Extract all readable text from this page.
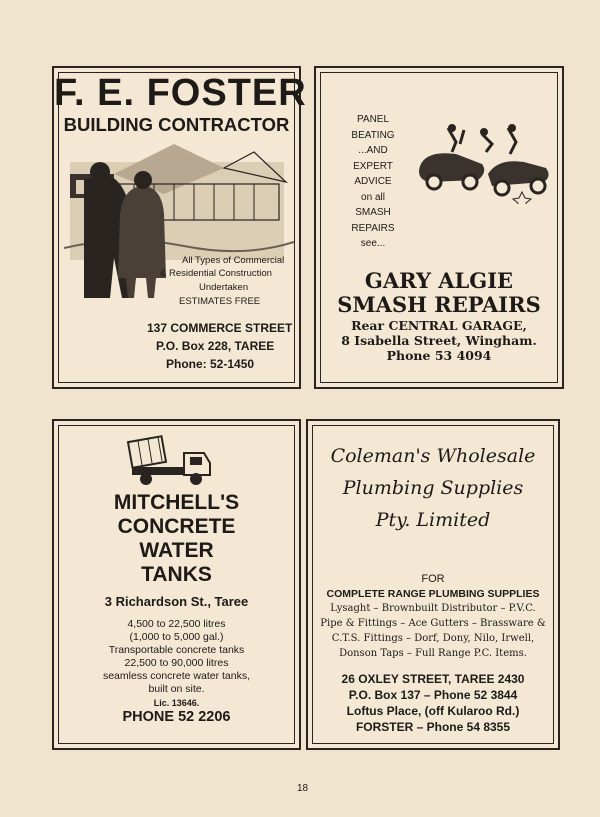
F. E. FOSTER
BUILDING CONTRACTOR
All Types of Commercial
& Residential Construction
Undertaken
ESTIMATES FREE
137 COMMERCE STREET
P.O. Box 228, TAREE
Phone: 52-1450
PANEL
BEATING
...AND
EXPERT
ADVICE
on all
SMASH
REPAIRS
see...
GARY ALGIE
SMASH REPAIRS
Rear CENTRAL GARAGE,
8 Isabella Street, Wingham.
Phone 53 4094
MITCHELL'S
CONCRETE
WATER
TANKS
3 Richardson St., Taree
4,500 to 22,500 litres
(1,000 to 5,000 gal.)
Transportable concrete tanks
22,500 to 90,000 litres
seamless concrete water tanks,
built on site.
Lic. 13646.
PHONE 52 2206
Coleman's Wholesale
Plumbing Supplies
Pty. Limited
FOR
COMPLETE RANGE PLUMBING SUPPLIES
Lysaght – Brownbuilt Distributor – P.V.C.
Pipe & Fittings – Ace Gutters – Brassware &
C.T.S. Fittings – Dorf, Dony, Nilo, Irwell,
Donson Taps – Full Range P.C. Items.
26 OXLEY STREET, TAREE 2430
P.O. Box 137 – Phone 52 3844
Loftus Place, (off Kularoo Rd.)
FORSTER – Phone 54 8355
18
